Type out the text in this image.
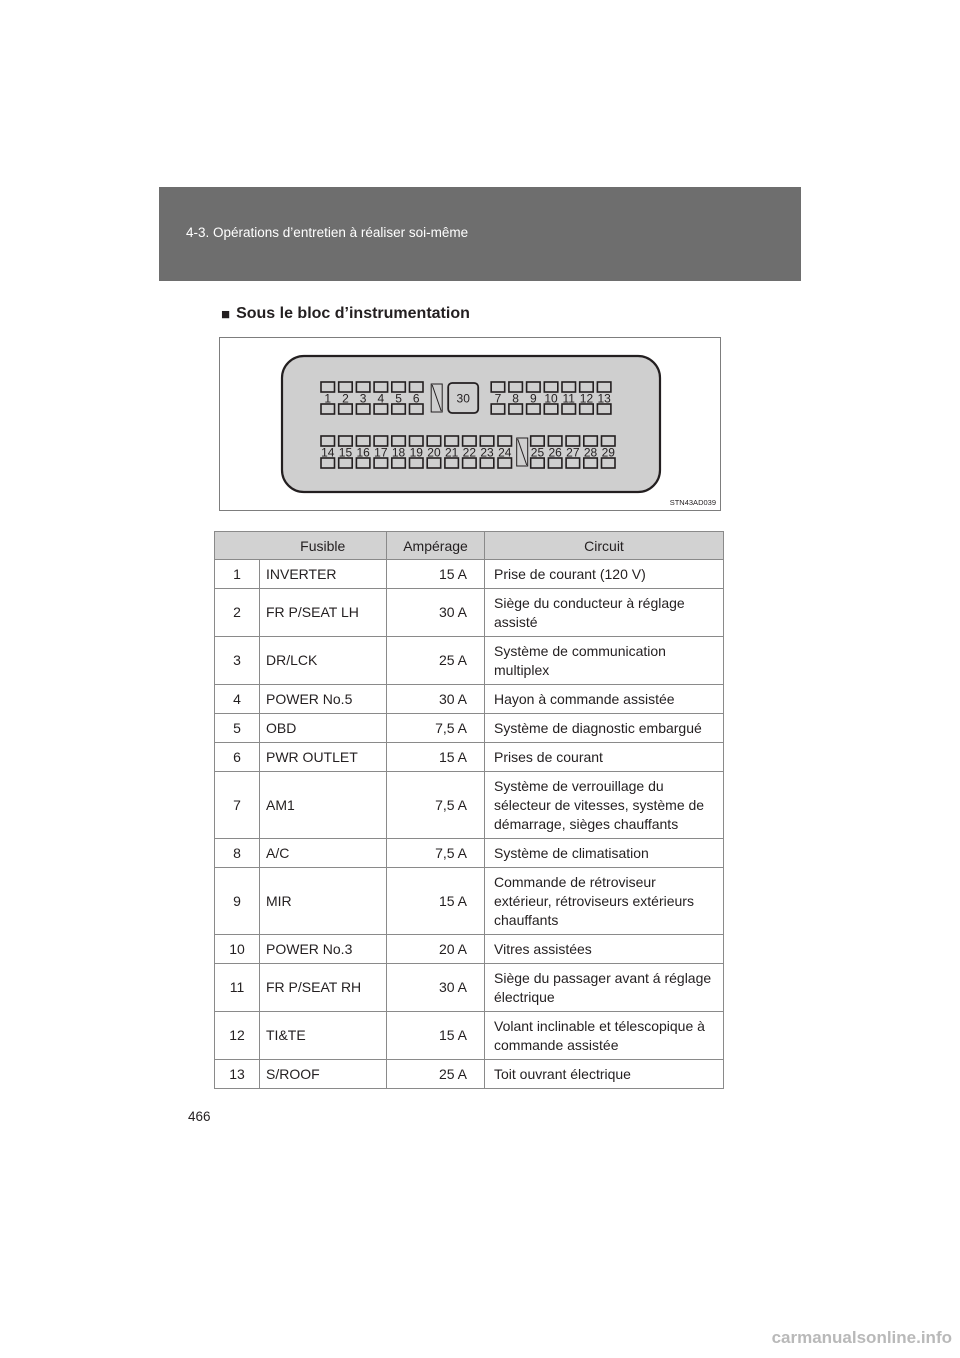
4-3. Opérations d’entretien à réaliser soi-même
■ Sous le bloc d’instrumentation
1 2 3 4 5 6	30 7 8 9 10 11 12 13
14 15 16 17 18 19 20 21 22 23 24 25 26 27 28 29
STN43AD039
	Fusible	Ampérage	Circuit
1	INVERTER	15 A	Prise de courant (120 V)
2	FR P/SEAT LH	30 A	Siège du conducteur à réglage assisté
3	DR/LCK	25 A	Système de communication multiplex
4	POWER No.5	30 A	Hayon à commande assistée
5	OBD	7,5 A	Système de diagnostic embargué
6	PWR OUTLET	15 A	Prises de courant
7	AM1	7,5 A	Système de verrouillage du sélecteur de vitesses, système de démarrage, sièges chauffants
8	A/C	7,5 A	Système de climatisation
9	MIR	15 A	Commande de rétroviseur extérieur, rétroviseurs extérieurs chauffants
10	POWER No.3	20 A	Vitres assistées
11	FR P/SEAT RH	30 A	Siège du passager avant á réglage électrique
12	TI&TE	15 A	Volant inclinable et télescopique à commande assistée
13	S/ROOF	25 A	Toit ouvrant électrique
466
carmanualsonline.info
